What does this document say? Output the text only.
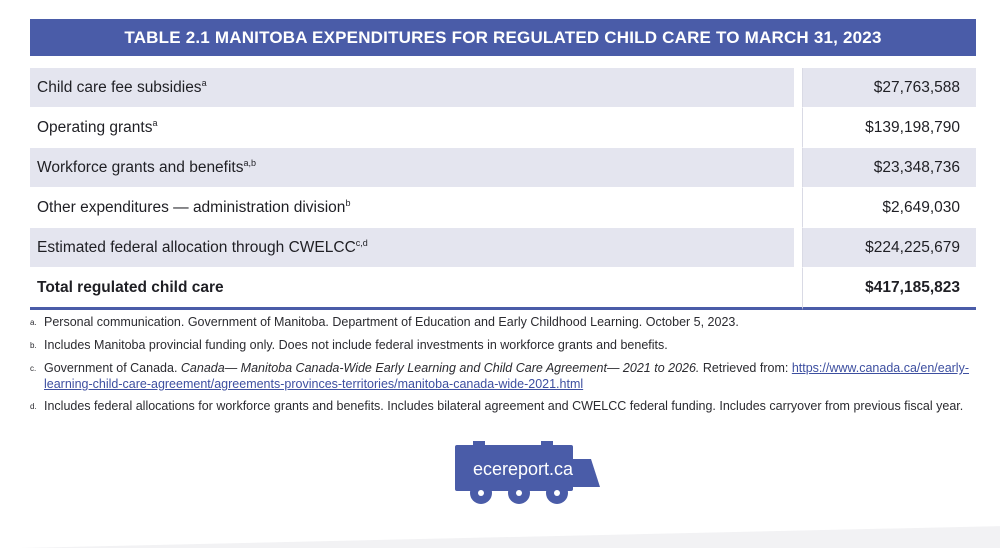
TABLE 2.1 MANITOBA EXPENDITURES FOR REGULATED CHILD CARE TO MARCH 31, 2023
Child care fee subsidies$^a$		$27,763,588
Operating grants$^a$		$139,198,790
Workforce grants and benefits$^{a,b}$		$23,348,736
Other expenditures — administration division$^b$		$2,649,030
Estimated federal allocation through CWELCC$^{c,d}$		$224,225,679
Total regulated child care		$417,185,823
a. Personal communication. Government of Manitoba. Department of Education and Early Childhood Learning. October 5, 2023.
b. Includes Manitoba provincial funding only. Does not include federal investments in workforce grants and benefits.
c. Government of Canada. Canada— Manitoba Canada-Wide Early Learning and Child Care Agreement— 2021 to 2026. Retrieved from: https://www.canada.ca/en/early-learning-child-care-agreement/agreements-provinces-territories/manitoba-canada-wide-2021.html
d. Includes federal allocations for workforce grants and benefits. Includes bilateral agreement and CWELCC federal funding. Includes carryover from previous fiscal year.
ecereport.ca
